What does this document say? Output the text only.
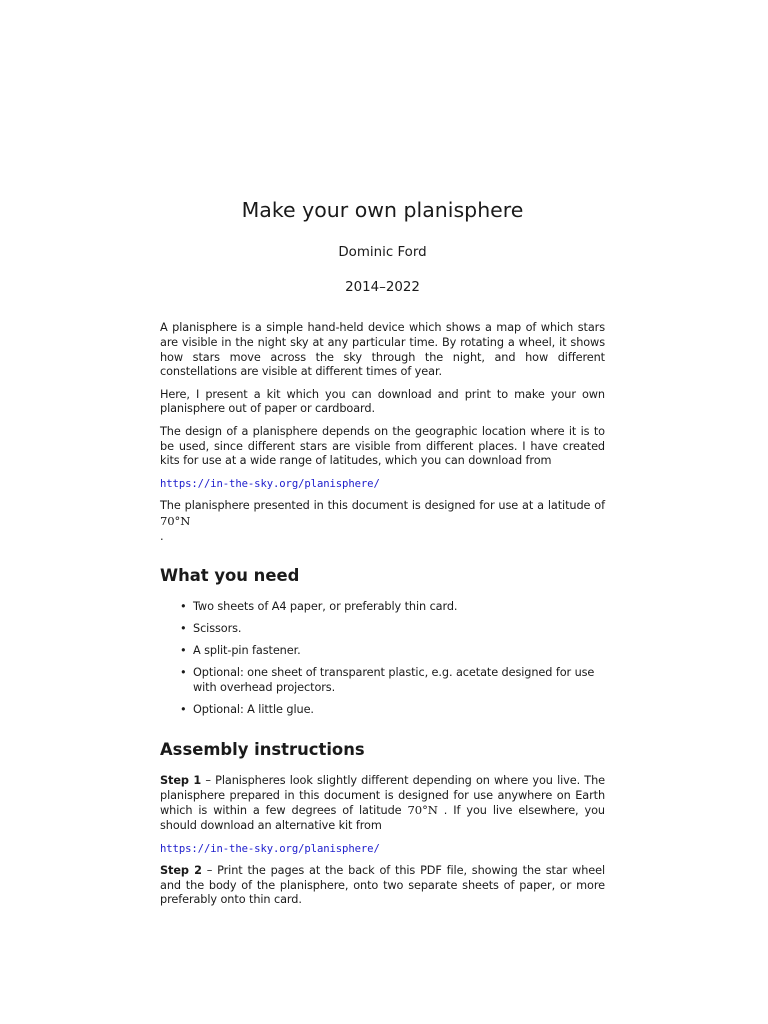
Make your own planisphere
Dominic Ford
2014–2022

A planisphere is a simple hand-held device which shows a map of which stars are visible in the night sky at any particular time. By rotating a wheel, it shows how stars move across the sky through the night, and how different constellations are visible at different times of year.

Here, I present a kit which you can download and print to make your own planisphere out of paper or cardboard.

The design of a planisphere depends on the geographic location where it is to be used, since different stars are visible from different places. I have created kits for use at a wide range of latitudes, which you can download from

https://in-the-sky.org/planisphere/

The planisphere presented in this document is designed for use at a latitude of 70°N
.

What you need
• Two sheets of A4 paper, or preferably thin card.
• Scissors.
• A split-pin fastener.
• Optional: one sheet of transparent plastic, e.g. acetate designed for use with overhead projectors.
• Optional: A little glue.
Assembly instructions

Step 1 – Planispheres look slightly different depending on where you live. The planisphere prepared in this document is designed for use anywhere on Earth which is within a few degrees of latitude 70°N . If you live elsewhere, you should download an alternative kit from

https://in-the-sky.org/planisphere/

Step 2 – Print the pages at the back of this PDF file, showing the star wheel and the body of the planisphere, onto two separate sheets of paper, or more preferably onto thin card.
